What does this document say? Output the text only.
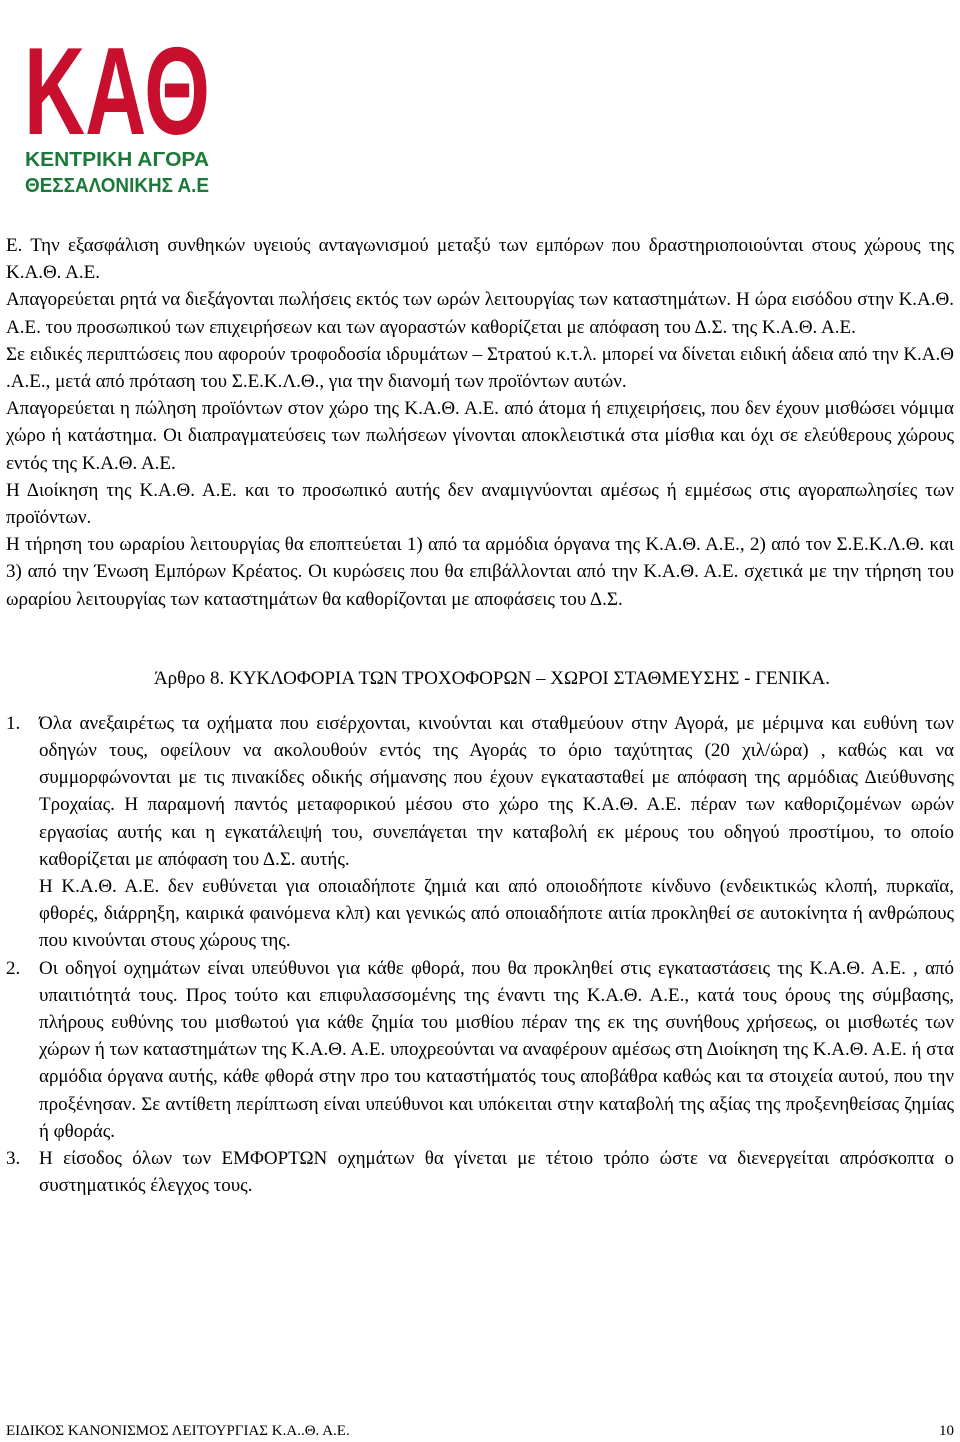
ΚΑΘ
ΚΕΝΤΡΙΚΗ ΑΓΟΡΑ
ΘΕΣΣΑΛΟΝΙΚΗΣ Α.Ε

Ε. Την εξασφάλιση συνθηκών υγειούς ανταγωνισμού μεταξύ των εμπόρων που δραστηριοποιούνται στους χώρους της Κ.Α.Θ. Α.Ε.

Απαγορεύεται ρητά να διεξάγονται πωλήσεις εκτός των ωρών λειτουργίας των καταστημάτων. Η ώρα εισόδου στην Κ.Α.Θ. Α.Ε. του προσωπικού των επιχειρήσεων και των αγοραστών καθορίζεται με απόφαση του Δ.Σ. της Κ.Α.Θ. Α.Ε.

Σε ειδικές περιπτώσεις που αφορούν τροφοδοσία ιδρυμάτων – Στρατού κ.τ.λ. μπορεί να δίνεται ειδική άδεια από την Κ.Α.Θ .Α.Ε., μετά από πρόταση του Σ.Ε.Κ.Λ.Θ., για την διανομή των προϊόντων αυτών.

Απαγορεύεται η πώληση προϊόντων στον χώρο της Κ.Α.Θ. Α.Ε. από άτομα ή επιχειρήσεις, που δεν έχουν μισθώσει νόμιμα χώρο ή κατάστημα. Οι διαπραγματεύσεις των πωλήσεων γίνονται αποκλειστικά στα μίσθια και όχι σε ελεύθερους χώρους εντός της Κ.Α.Θ. Α.Ε.

Η Διοίκηση της Κ.Α.Θ. Α.Ε. και το προσωπικό αυτής δεν αναμιγνύονται αμέσως ή εμμέσως στις αγοραπωλησίες των προϊόντων.

Η τήρηση του ωραρίου λειτουργίας θα εποπτεύεται 1) από τα αρμόδια όργανα της Κ.Α.Θ. Α.Ε., 2) από τον Σ.Ε.Κ.Λ.Θ. και 3) από την Ένωση Εμπόρων Κρέατος. Οι κυρώσεις που θα επιβάλλονται από την Κ.Α.Θ. Α.Ε. σχετικά με την τήρηση του ωραρίου λειτουργίας των καταστημάτων θα καθορίζονται με αποφάσεις του Δ.Σ.

Άρθρο 8. ΚΥΚΛΟΦΟΡΙΑ ΤΩΝ ΤΡΟΧΟΦΟΡΩΝ – ΧΩΡΟΙ ΣΤΑΘΜΕΥΣΗΣ - ΓΕΝΙΚΑ.

1. Όλα ανεξαιρέτως τα οχήματα που εισέρχονται, κινούνται και σταθμεύουν στην Αγορά, με μέριμνα και ευθύνη των οδηγών τους, οφείλουν να ακολουθούν εντός της Αγοράς το όριο ταχύτητας (20 χιλ/ώρα) , καθώς και να συμμορφώνονται με τις πινακίδες οδικής σήμανσης που έχουν εγκατασταθεί με απόφαση της αρμόδιας Διεύθυνσης Τροχαίας. Η παραμονή παντός μεταφορικού μέσου στο χώρο της Κ.Α.Θ. Α.Ε. πέραν των καθοριζομένων ωρών εργασίας αυτής και η εγκατάλειψή του, συνεπάγεται την καταβολή εκ μέρους του οδηγού προστίμου, το οποίο καθορίζεται με απόφαση του Δ.Σ. αυτής.
Η Κ.Α.Θ. Α.Ε. δεν ευθύνεται για οποιαδήποτε ζημιά και από οποιοδήποτε κίνδυνο (ενδεικτικώς κλοπή, πυρκαϊα, φθορές, διάρρηξη, καιρικά φαινόμενα κλπ) και γενικώς από οποιαδήποτε αιτία προκληθεί σε αυτοκίνητα ή ανθρώπους που κινούνται στους χώρους της.
2. Οι οδηγοί οχημάτων είναι υπεύθυνοι για κάθε φθορά, που θα προκληθεί στις εγκαταστάσεις της Κ.Α.Θ. Α.Ε. , από υπαιτιότητά τους. Προς τούτο και επιφυλασσομένης της έναντι της Κ.Α.Θ. Α.Ε., κατά τους όρους της σύμβασης, πλήρους ευθύνης του μισθωτού για κάθε ζημία του μισθίου πέραν της εκ της συνήθους χρήσεως, οι μισθωτές των χώρων ή των καταστημάτων της Κ.Α.Θ. Α.Ε. υποχρεούνται να αναφέρουν αμέσως στη Διοίκηση της Κ.Α.Θ. Α.Ε. ή στα αρμόδια όργανα αυτής, κάθε φθορά στην προ του καταστήματός τους αποβάθρα καθώς και τα στοιχεία αυτού, που την προξένησαν. Σε αντίθετη περίπτωση είναι υπεύθυνοι και υπόκειται στην καταβολή της αξίας της προξενηθείσας ζημίας ή φθοράς.
3. Η είσοδος όλων των ΕΜΦΟΡΤΩΝ οχημάτων θα γίνεται με τέτοιο τρόπο ώστε να διενεργείται απρόσκοπτα ο συστηματικός έλεγχος τους.
ΕΙΔΙΚΟΣ ΚΑΝΟΝΙΣΜΟΣ ΛΕΙΤΟΥΡΓΙΑΣ Κ.Α..Θ. Α.Ε.	10
